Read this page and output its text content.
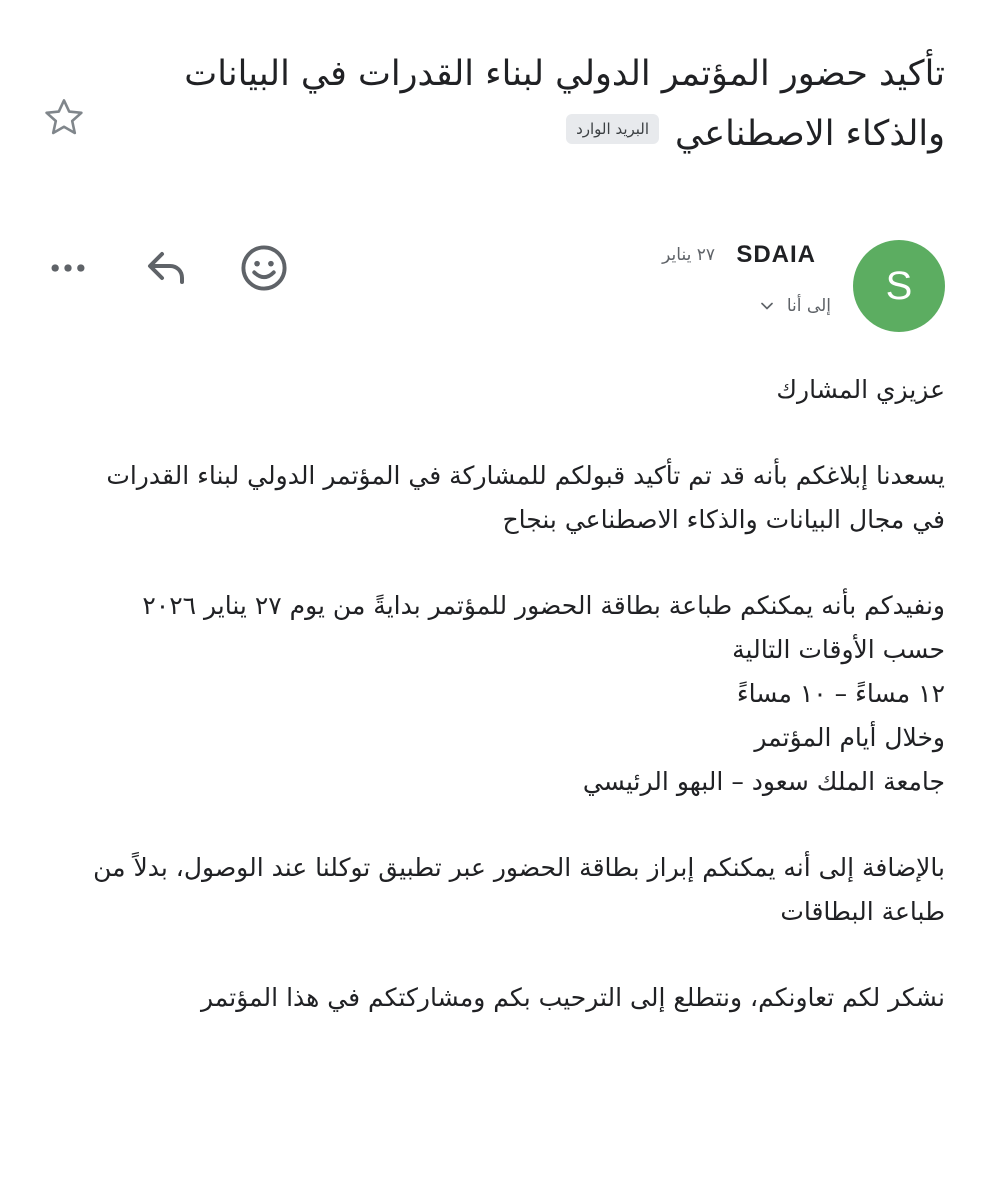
تأكيد حضور المؤتمر الدولي لبناء القدرات في البيانات والذكاء الاصطناعيالبريد الوارد
S
SDAIA
٢٧ يناير
إلى أنا

عزيزي المشارك

يسعدنا إبلاغكم بأنه قد تم تأكيد قبولكم للمشاركة في المؤتمر الدولي لبناء القدرات في مجال البيانات والذكاء الاصطناعي بنجاح

ونفيدكم بأنه يمكنكم طباعة بطاقة الحضور للمؤتمر بدايةً من يوم ٢٧ يناير ٢٠٢٦ حسب الأوقات التالية
١٢ مساءً – ١٠ مساءً
وخلال أيام المؤتمر
جامعة الملك سعود – البهو الرئيسي

بالإضافة إلى أنه يمكنكم إبراز بطاقة الحضور عبر تطبيق توكلنا عند الوصول، بدلاً من طباعة البطاقات

نشكر لكم تعاونكم، ونتطلع إلى الترحيب بكم ومشاركتكم في هذا المؤتمر
